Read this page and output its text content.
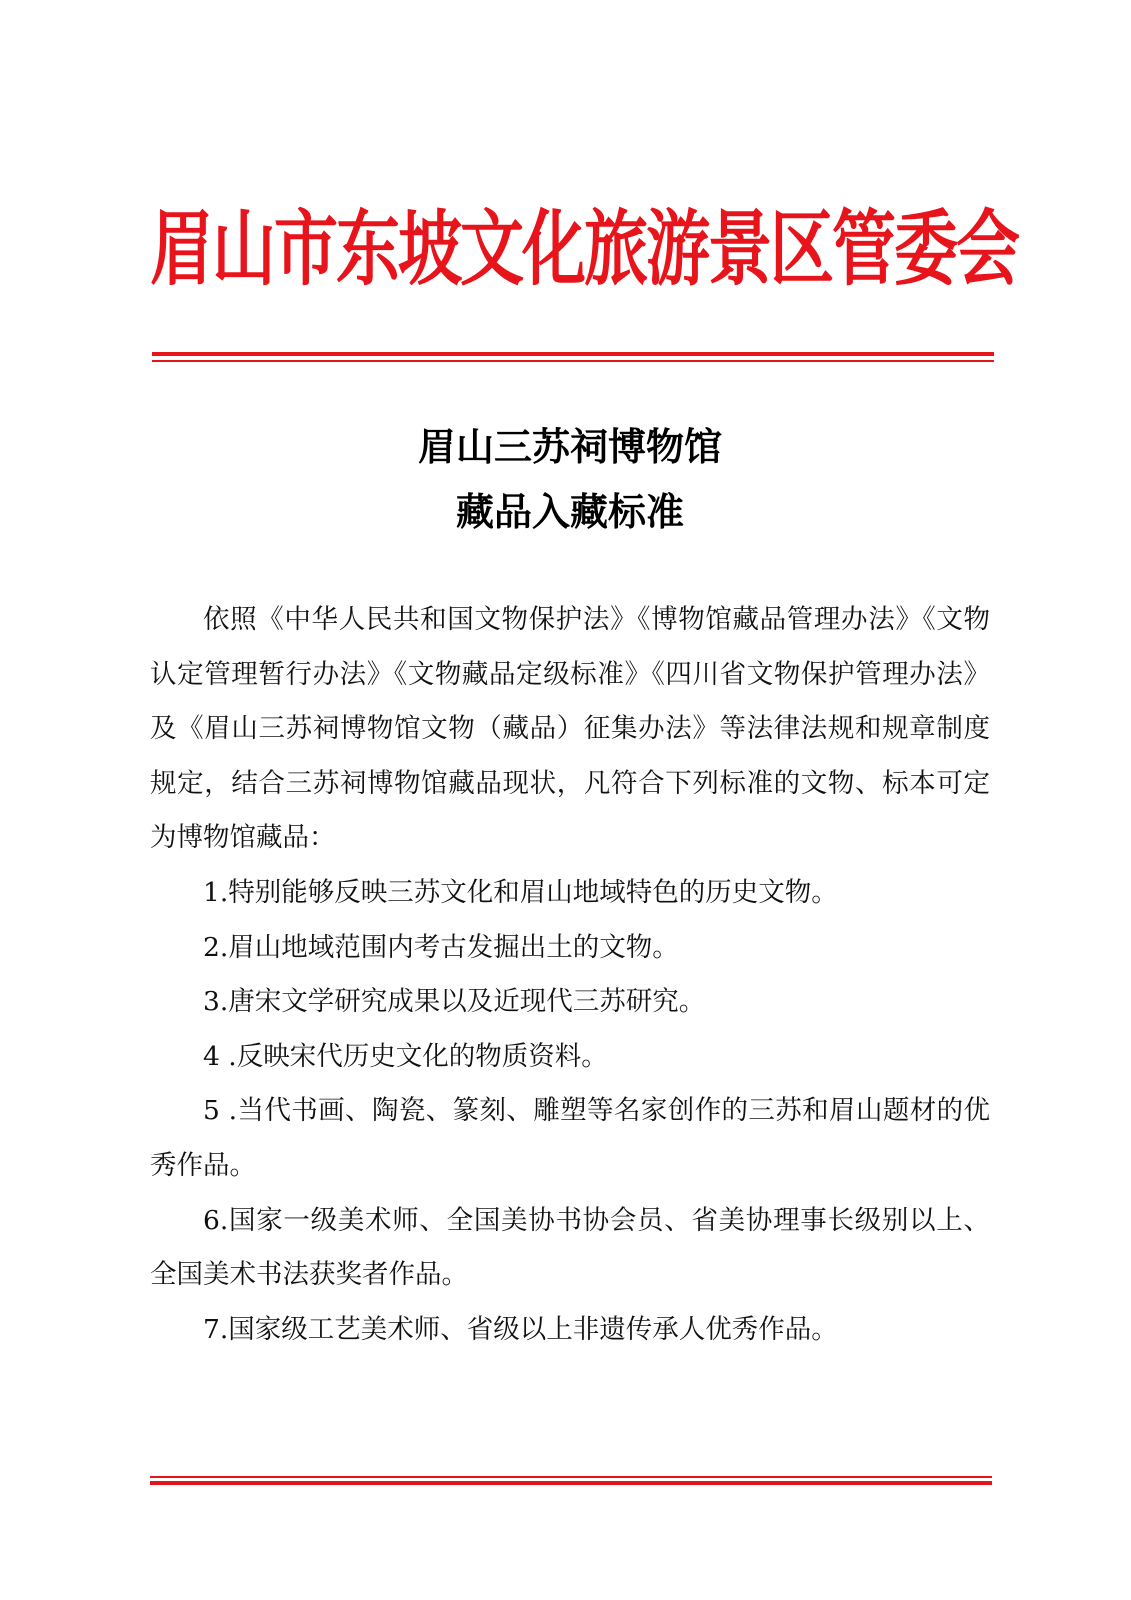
眉山市东坡文化旅游景区管委会
眉山三苏祠博物馆
藏品入藏标准

依照《中华人民共和国文物保护法》《博物馆藏品管理办法》《文物认定管理暂行办法》《文物藏品定级标准》《四川省文物保护管理办法》及《眉山三苏祠博物馆文物（藏品）征集办法》等法律法规和规章制度规定，结合三苏祠博物馆藏品现状，凡符合下列标准的文物、标本可定为博物馆藏品：

1.特别能够反映三苏文化和眉山地域特色的历史文物。

2.眉山地域范围内考古发掘出土的文物。

3.唐宋文学研究成果以及近现代三苏研究。

4 .反映宋代历史文化的物质资料。

5 .当代书画、陶瓷、篆刻、雕塑等名家创作的三苏和眉山题材的优秀作品。

6.国家一级美术师、全国美协书协会员、省美协理事长级别以上、全国美术书法获奖者作品。

7.国家级工艺美术师、省级以上非遗传承人优秀作品。
